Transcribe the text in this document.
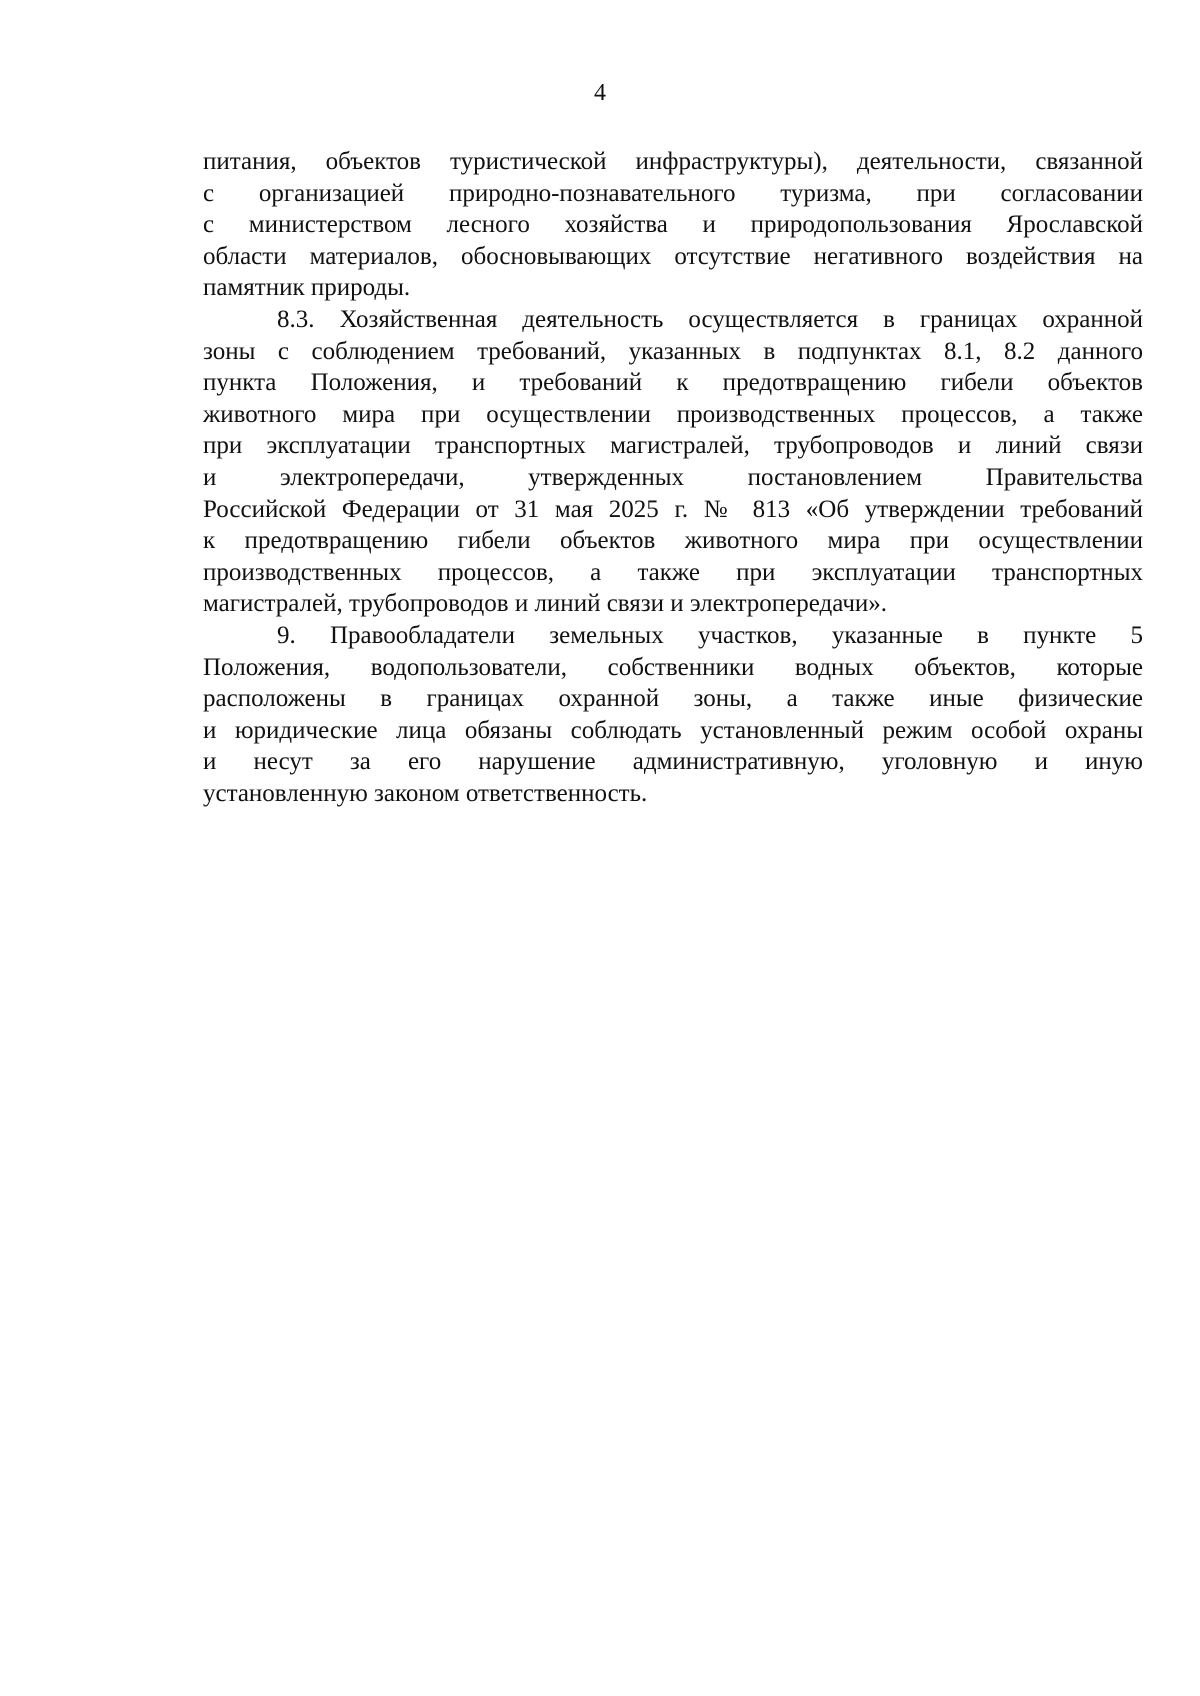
4

питания, объектов туристической инфраструктуры), деятельности, связанной
с организацией природно-познавательного туризма, при согласовании
с министерством лесного хозяйства и природопользования Ярославской
области материалов, обосновывающих отсутствие негативного воздействия на
памятник природы.

8.3. Хозяйственная деятельность осуществляется в границах охранной
зоны с соблюдением требований, указанных в подпунктах 8.1, 8.2 данного
пункта Положения, и требований к предотвращению гибели объектов
животного мира при осуществлении производственных процессов, а также
при эксплуатации транспортных магистралей, трубопроводов и линий связи
и электропередачи, утвержденных постановлением Правительства
Российской Федерации от 31 мая 2025 г. № 813 «Об утверждении требований
к предотвращению гибели объектов животного мира при осуществлении
производственных процессов, а также при эксплуатации транспортных
магистралей, трубопроводов и линий связи и электропередачи».

9. Правообладатели земельных участков, указанные в пункте 5
Положения, водопользователи, собственники водных объектов, которые
расположены в границах охранной зоны, а также иные физические
и юридические лица обязаны соблюдать установленный режим особой охраны
и несут за его нарушение административную, уголовную и иную
установленную законом ответственность.
